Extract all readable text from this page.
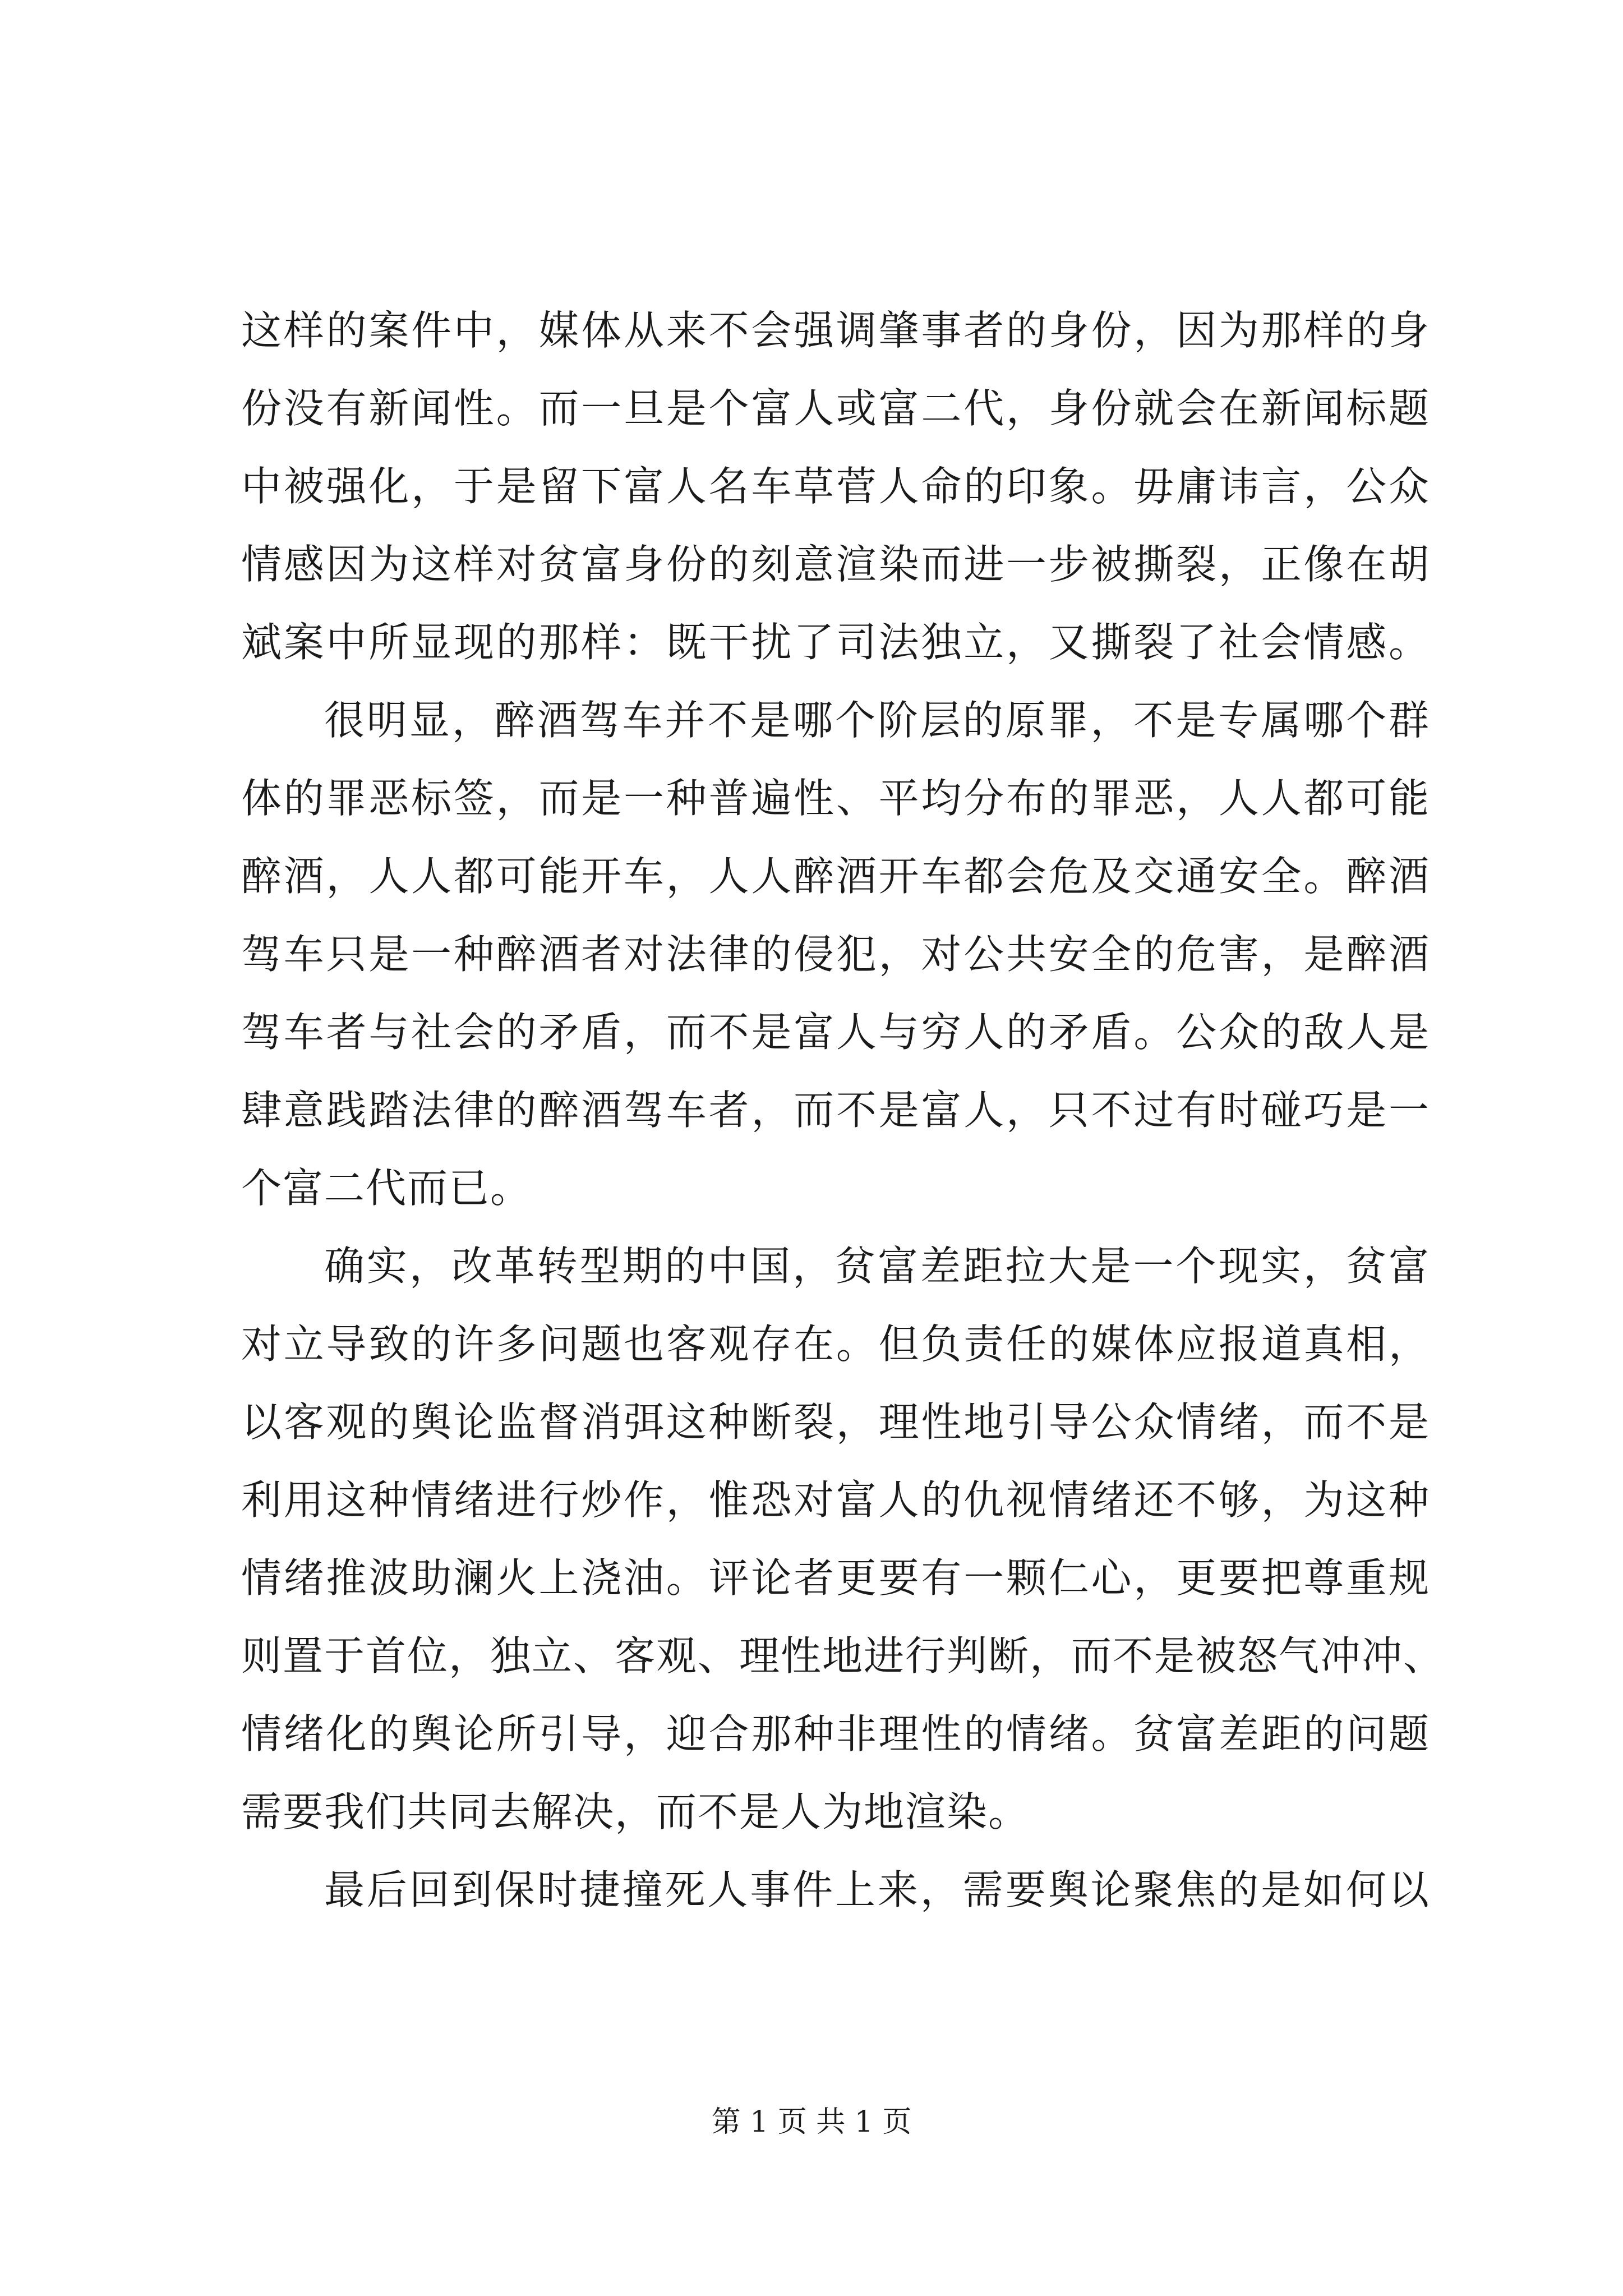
这样的案件中，媒体从来不会强调肇事者的身份，因为那样的身
份没有新闻性。而一旦是个富人或富二代，身份就会在新闻标题
中被强化，于是留下富人名车草菅人命的印象。毋庸讳言，公众
情感因为这样对贫富身份的刻意渲染而进一步被撕裂，正像在胡
斌案中所显现的那样：既干扰了司法独立，又撕裂了社会情感。
很明显，醉酒驾车并不是哪个阶层的原罪，不是专属哪个群
体的罪恶标签，而是一种普遍性、平均分布的罪恶，人人都可能
醉酒，人人都可能开车，人人醉酒开车都会危及交通安全。醉酒
驾车只是一种醉酒者对法律的侵犯，对公共安全的危害，是醉酒
驾车者与社会的矛盾，而不是富人与穷人的矛盾。公众的敌人是
肆意践踏法律的醉酒驾车者，而不是富人，只不过有时碰巧是一
个富二代而已。
确实，改革转型期的中国，贫富差距拉大是一个现实，贫富
对立导致的许多问题也客观存在。但负责任的媒体应报道真相，
以客观的舆论监督消弭这种断裂，理性地引导公众情绪，而不是
利用这种情绪进行炒作，惟恐对富人的仇视情绪还不够，为这种
情绪推波助澜火上浇油。评论者更要有一颗仁心，更要把尊重规
则置于首位，独立、客观、理性地进行判断，而不是被怒气冲冲、
情绪化的舆论所引导，迎合那种非理性的情绪。贫富差距的问题
需要我们共同去解决，而不是人为地渲染。
最后回到保时捷撞死人事件上来，需要舆论聚焦的是如何以
第 1 页 共 1 页
